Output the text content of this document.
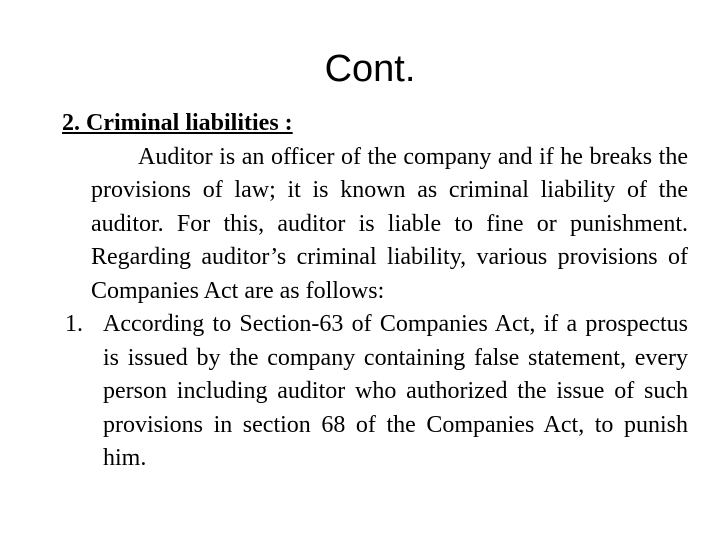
Cont.

2. Criminal liabilities :

Auditor is an officer of the company and if he breaks the provisions of law; it is known as criminal liability of the auditor. For this, auditor is liable to fine or punishment. Regarding auditor’s criminal liability, various provisions of Companies Act are as follows:

1. According to Section-63 of Companies Act, if a prospectus is issued by the company containing false statement, every person including auditor who authorized the issue of such provisions in section 68 of the Companies Act, to punish him.
